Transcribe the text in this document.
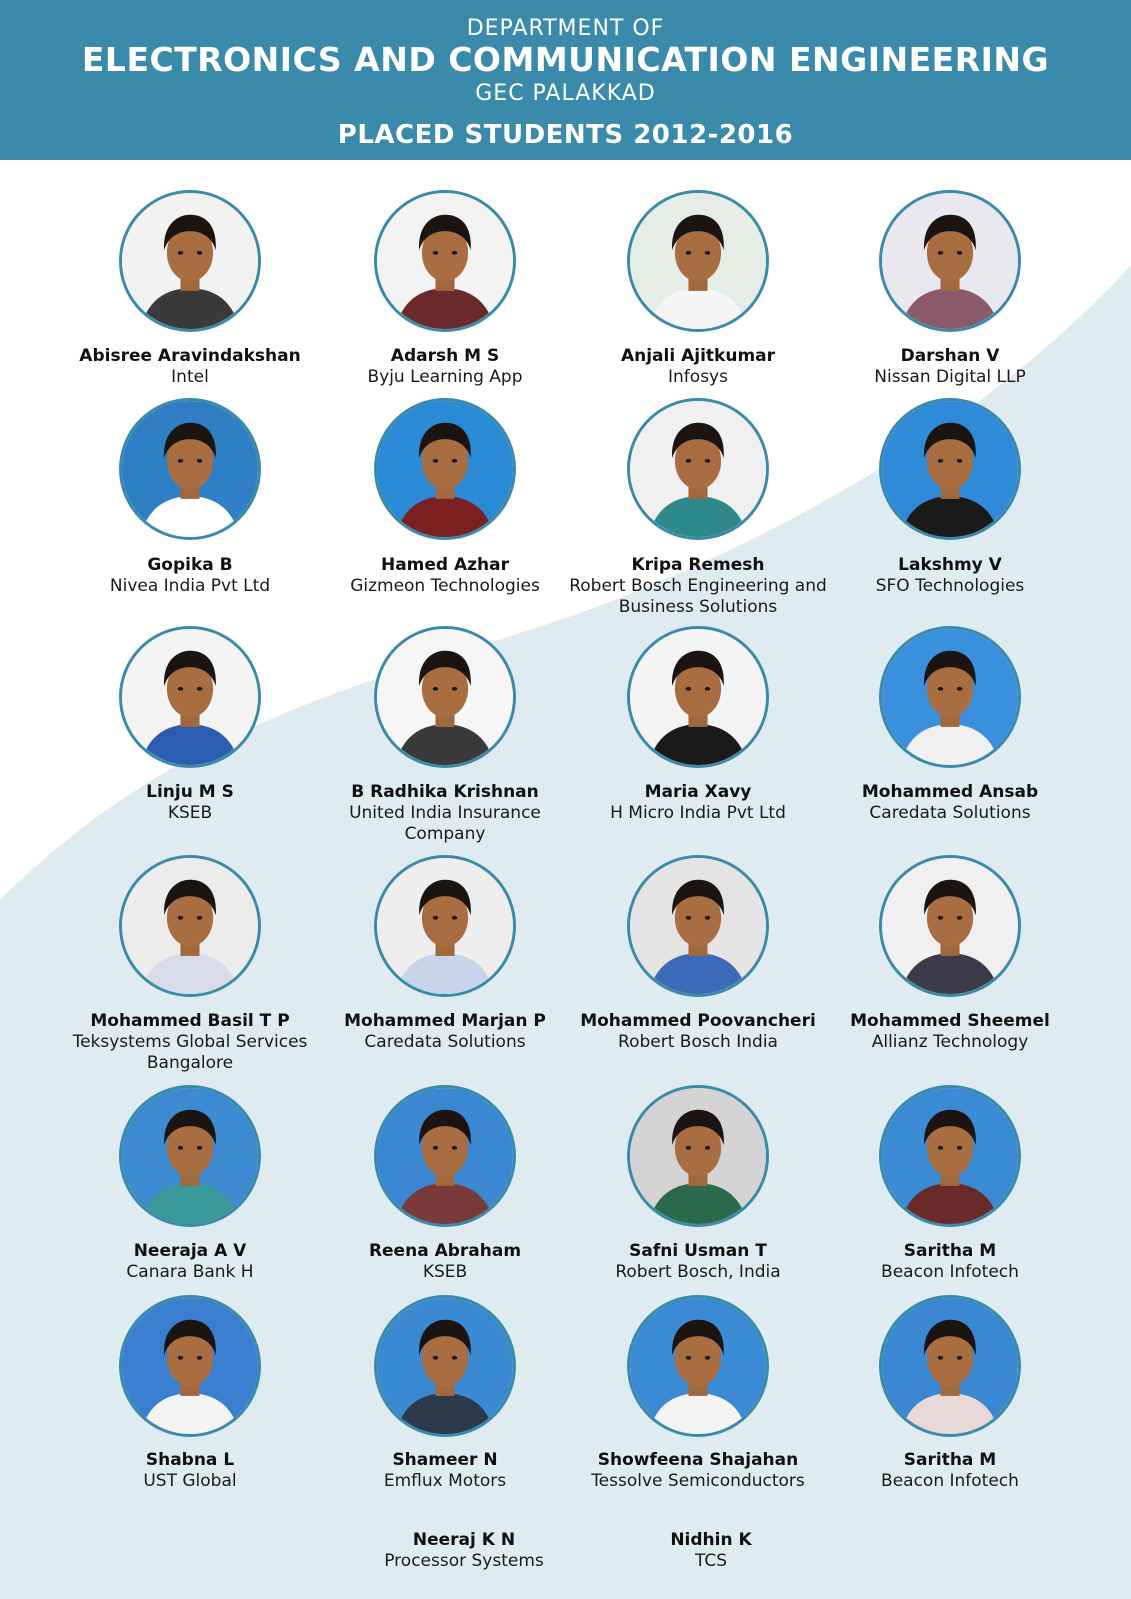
DEPARTMENT OF
ELECTRONICS AND COMMUNICATION ENGINEERING
GEC PALAKKAD
PLACED STUDENTS 2012-2016
Abisree Aravindakshan
Intel
Adarsh M S
Byju Learning App
Anjali Ajitkumar
Infosys
Darshan V
Nissan Digital LLP
Gopika B
Nivea India Pvt Ltd
Hamed Azhar
Gizmeon Technologies
Kripa Remesh
Robert Bosch Engineering and Business Solutions
Lakshmy V
SFO Technologies
Linju M S
KSEB
B Radhika Krishnan
United India Insurance Company
Maria Xavy
H Micro India Pvt Ltd
Mohammed Ansab
Caredata Solutions
Mohammed Basil T P
Teksystems Global Services Bangalore
Mohammed Marjan P
Caredata Solutions
Mohammed Poovancheri
Robert Bosch India
Mohammed Sheemel
Allianz Technology
Neeraja A V
Canara Bank H
Reena Abraham
KSEB
Safni Usman T
Robert Bosch, India
Saritha M
Beacon Infotech
Shabna L
UST Global
Shameer N
Emflux Motors
Showfeena Shajahan
Tessolve Semiconductors
Saritha M
Beacon Infotech
Neeraj K N
Processor Systems
Nidhin K
TCS
